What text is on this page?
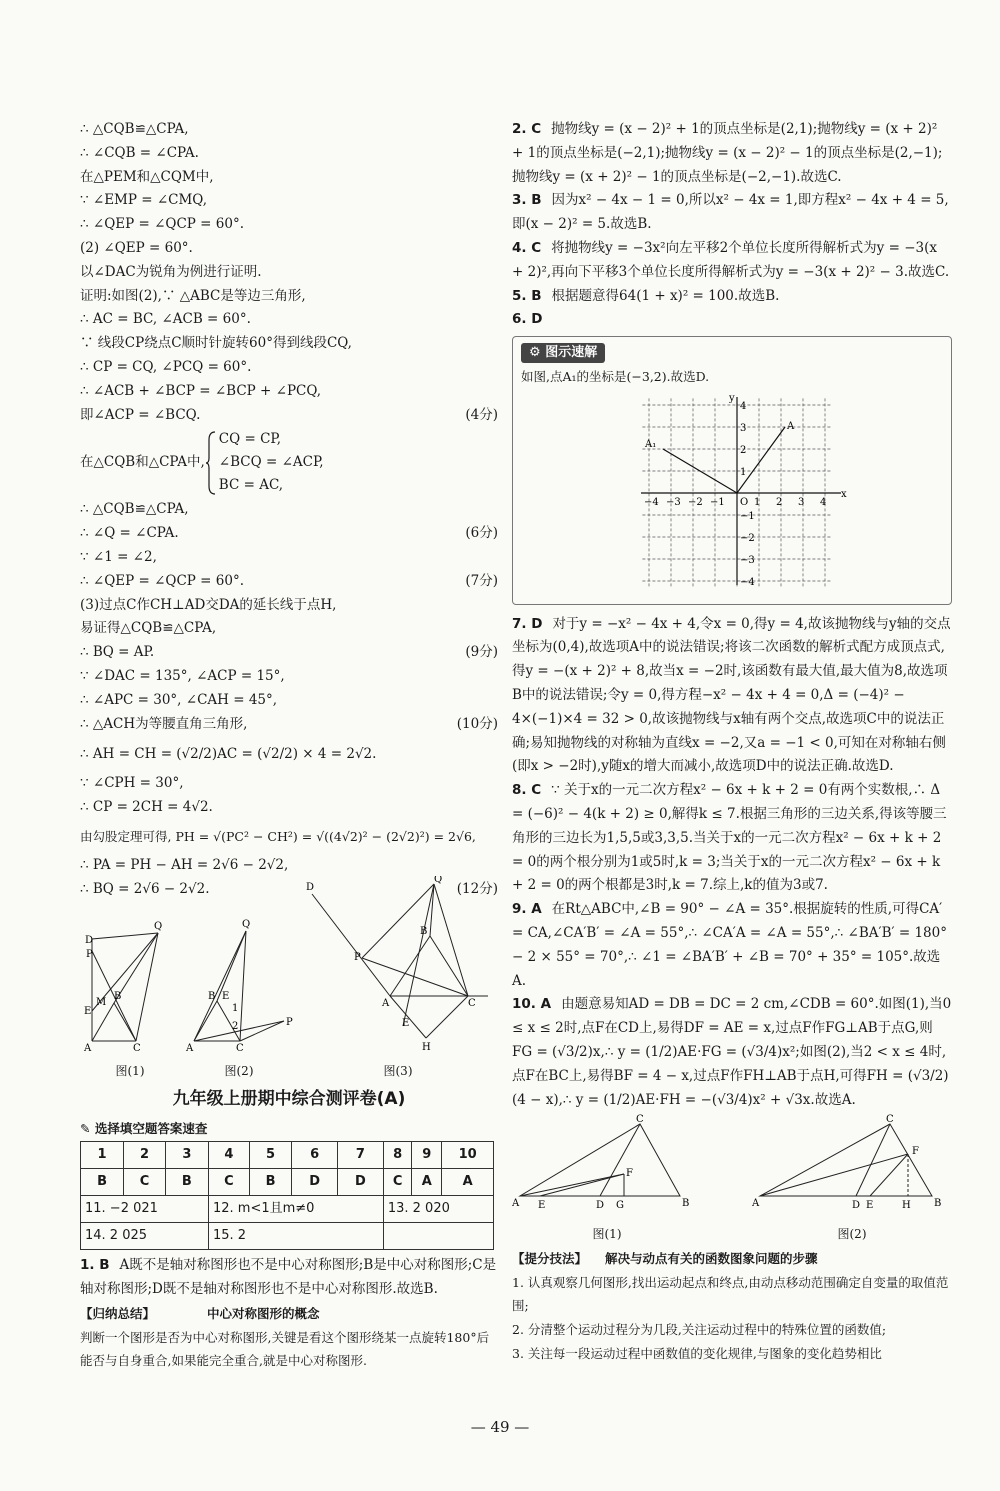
∴ △CQB≌△CPA,
∴ ∠CQB = ∠CPA.
在△PEM和△CQM中,
∵ ∠EMP = ∠CMQ,
∴ ∠QEP = ∠QCP = 60°.
(2) ∠QEP = 60°.
以∠DAC为锐角为例进行证明.
证明:如图(2),∵ △ABC是等边三角形,
∴ AC = BC, ∠ACB = 60°.
∵ 线段CP绕点C顺时针旋转60°得到线段CQ,
∴ CP = CQ, ∠PCQ = 60°.
∴ ∠ACB + ∠BCP = ∠BCP + ∠PCQ,
即∠ACP = ∠BCQ.	(4分)
在△CQB和△CPA中,
CQ = CP,
∠BCQ = ∠ACP,
BC = AC,
∴ △CQB≌△CPA,
∴ ∠Q = ∠CPA.	(6分)
∵ ∠1 = ∠2,
∴ ∠QEP = ∠QCP = 60°.	(7分)
(3)过点C作CH⊥AD交DA的延长线于点H,
易证得△CQB≌△CPA,
∴ BQ = AP.	(9分)
∵ ∠DAC = 135°, ∠ACP = 15°,
∴ ∠APC = 30°, ∠CAH = 45°,
∴ △ACH为等腰直角三角形,	(10分)
∴ AH = CH = (√2/2)AC = (√2/2) × 4 = 2√2.
∵ ∠CPH = 30°,
∴ CP = 2CH = 4√2.
由勾股定理可得, PH = √(PC² − CH²) = √((4√2)² − (2√2)²) = 2√6,
∴ PA = PH − AH = 2√6 − 2√2,
∴ BQ = 2√6 − 2√2.	(12分)
D
P
Q
B
M
E
A	C
图(1)
Q
B E
1
2	P
A	C
图(2)
D
Q
B
P
A
E
C
H
图(3)
九年级上册期中综合测评卷(A)
✎ 选择填空题答案速查
1	2	3	4	5	6	7	8	9	10
B	C	B	C	B	D	D	C	A	A
11. −2 021			12. m<1且m≠0				13. 2 020		
14. 2 025			15. 2						
1. B A既不是轴对称图形也不是中心对称图形;B是中心对称图形;C是轴对称图形;D既不是轴对称图形也不是中心对称图形.故选B.
【归纳总结】	中心对称图形的概念
判断一个图形是否为中心对称图形,关键是看这个图形绕某一点旋转180°后能否与自身重合,如果能完全重合,就是中心对称图形.
2. C 抛物线y = (x − 2)² + 1的顶点坐标是(2,1);抛物线y = (x + 2)² + 1的顶点坐标是(−2,1);抛物线y = (x − 2)² − 1的顶点坐标是(2,−1);抛物线y = (x + 2)² − 1的顶点坐标是(−2,−1).故选C.
3. B 因为x² − 4x − 1 = 0,所以x² − 4x = 1,即方程x² − 4x + 4 = 5,即(x − 2)² = 5.故选B.
4. C 将抛物线y = −3x²向左平移2个单位长度所得解析式为y = −3(x + 2)²,再向下平移3个单位长度所得解析式为y = −3(x + 2)² − 3.故选C.
5. B 根据题意得64(1 + x)² = 100.故选B.
6. D
⚙ 图示速解
如图,点A₁的坐标是(−3,2).故选D.
x
y
O
A
A₁
−4 −3 −2 −1	1 2 3 4
4
3
2
1
−1
−2
−3
−4
7. D 对于y = −x² − 4x + 4,令x = 0,得y = 4,故该抛物线与y轴的交点坐标为(0,4),故选项A中的说法错误;将该二次函数的解析式配方成顶点式,得y = −(x + 2)² + 8,故当x = −2时,该函数有最大值,最大值为8,故选项B中的说法错误;令y = 0,得方程−x² − 4x + 4 = 0,Δ = (−4)² − 4×(−1)×4 = 32 > 0,故该抛物线与x轴有两个交点,故选项C中的说法正确;易知抛物线的对称轴为直线x = −2,又a = −1 < 0,可知在对称轴右侧(即x > −2时),y随x的增大而减小,故选项D中的说法正确.故选D.
8. C ∵ 关于x的一元二次方程x² − 6x + k + 2 = 0有两个实数根,∴ Δ = (−6)² − 4(k + 2) ≥ 0,解得k ≤ 7.根据三角形的三边关系,得该等腰三角形的三边长为1,5,5或3,3,5.当关于x的一元二次方程x² − 6x + k + 2 = 0的两个根分别为1或5时,k = 3;当关于x的一元二次方程x² − 6x + k + 2 = 0的两个根都是3时,k = 7.综上,k的值为3或7.
9. A 在Rt△ABC中,∠B = 90° − ∠A = 35°.根据旋转的性质,可得CA′ = CA,∠CA′B′ = ∠A = 55°,∴ ∠CA′A = ∠A = 55°,∴ ∠BA′B′ = 180° − 2 × 55° = 70°,∴ ∠1 = ∠BA′B′ + ∠B = 70° + 35° = 105°.故选A.
10. A 由题意易知AD = DB = DC = 2 cm,∠CDB = 60°.如图(1),当0 ≤ x ≤ 2时,点F在CD上,易得DF = AE = x,过点F作FG⊥AB于点G,则FG = (√3/2)x,∴ y = (1/2)AE·FG = (√3/4)x²;如图(2),当2 < x ≤ 4时,点F在BC上,易得BF = 4 − x,过点F作FH⊥AB于点H,可得FH = (√3/2)(4 − x),∴ y = (1/2)AE·FH = −(√3/4)x² + √3x.故选A.
A E	D G
F
C
B
图(1)
A	D E	H
F
C
B
图(2)
【提分技法】 解决与动点有关的函数图象问题的步骤
1. 认真观察几何图形,找出运动起点和终点,由动点移动范围确定自变量的取值范围;
2. 分清整个运动过程分为几段,关注运动过程中的特殊位置的函数值;
3. 关注每一段运动过程中函数值的变化规律,与图象的变化趋势相比
— 49 —
